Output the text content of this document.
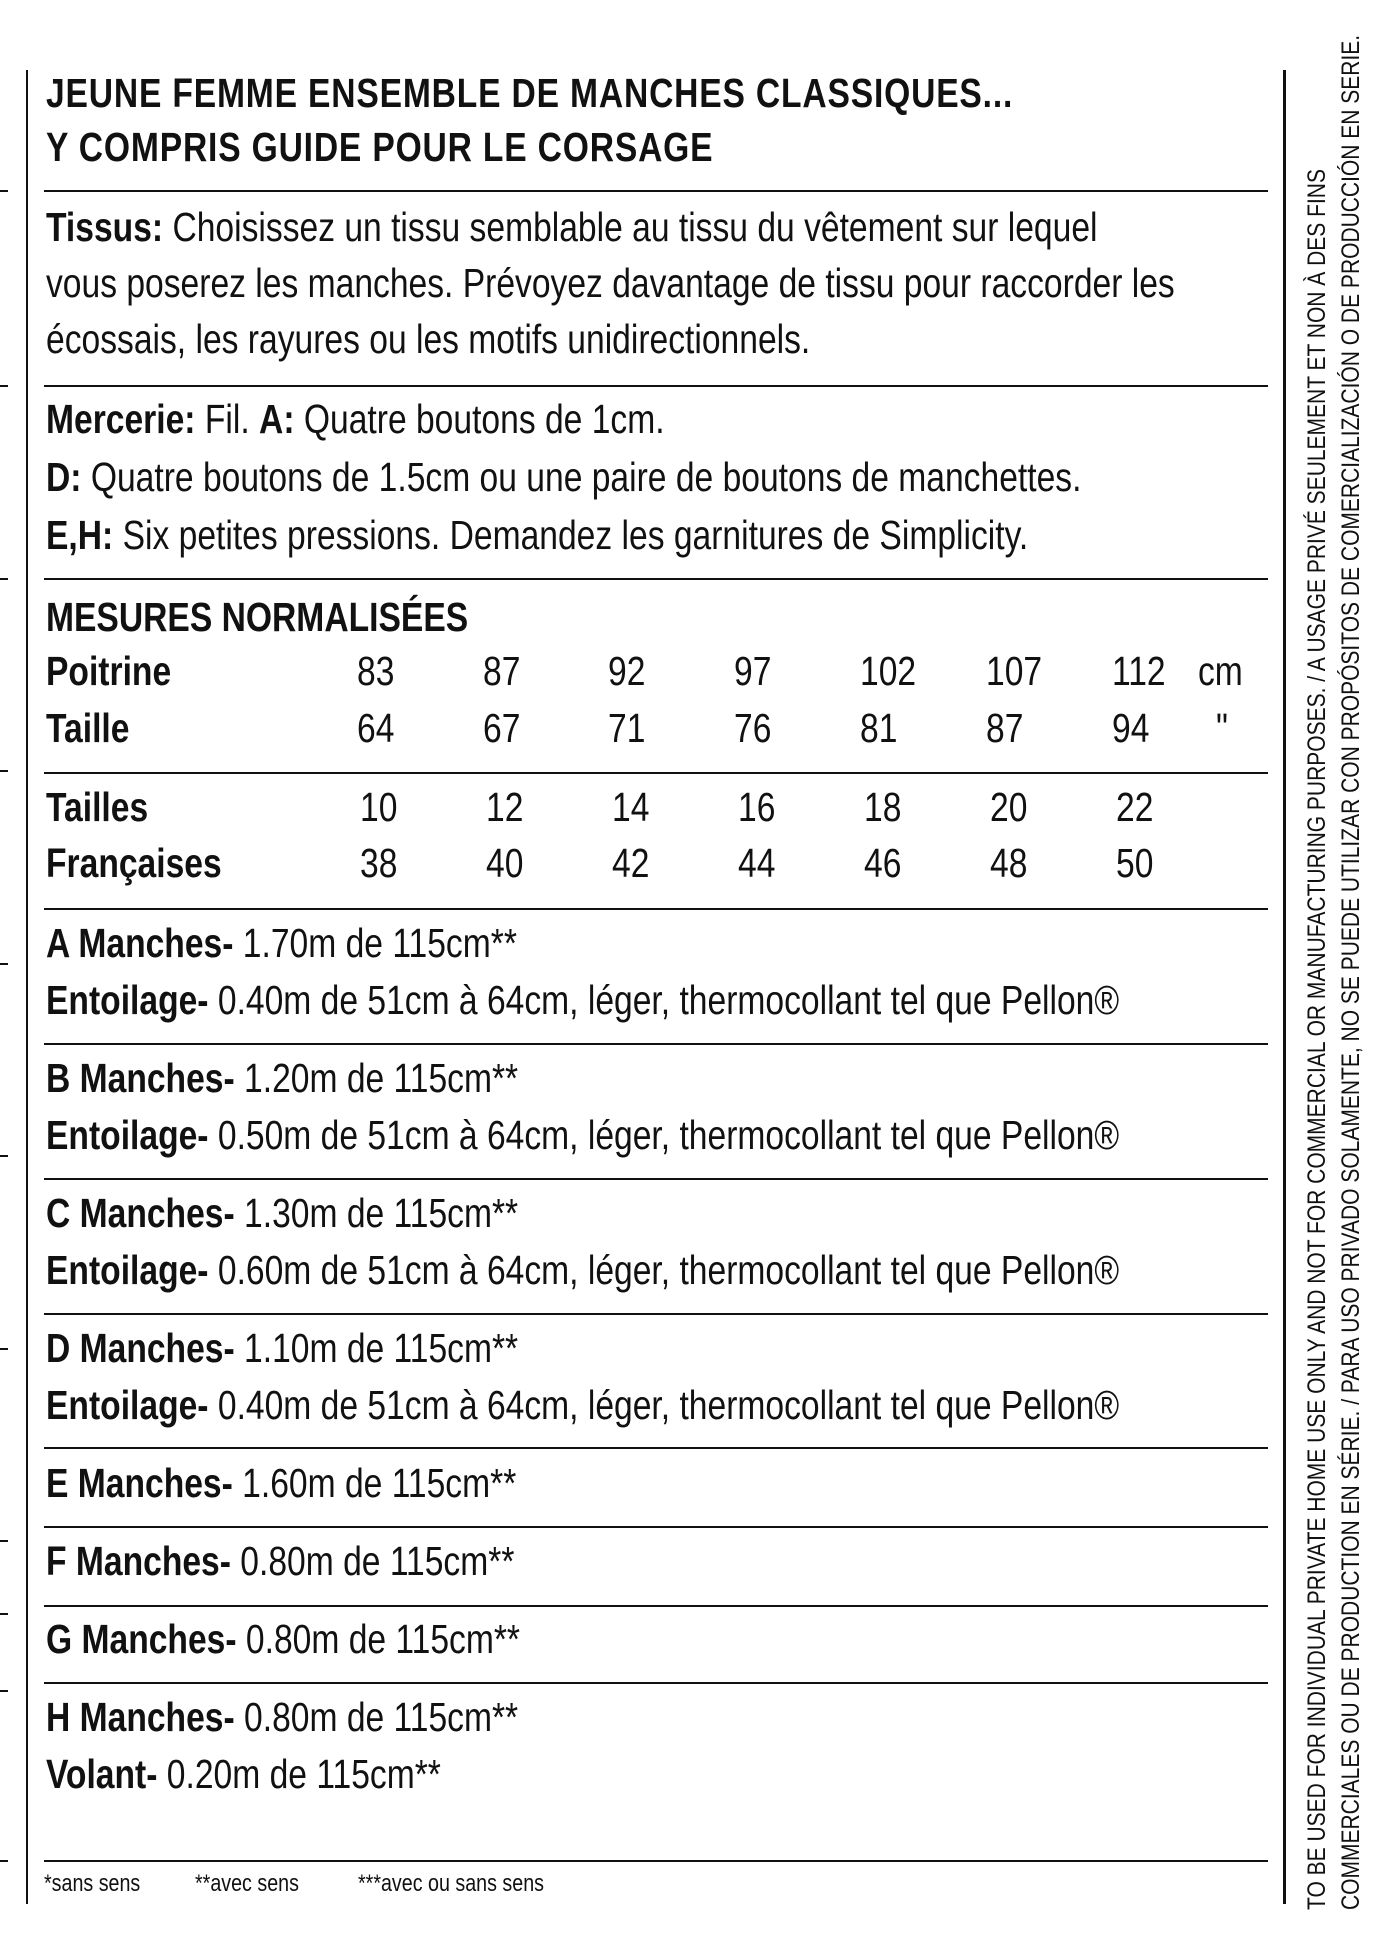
JEUNE FEMME ENSEMBLE DE MANCHES CLASSIQUES...
Y COMPRIS GUIDE POUR LE CORSAGE
Tissus: Choisissez un tissu semblable au tissu du vêtement sur lequel
vous poserez les manches. Prévoyez davantage de tissu pour raccorder les
écossais, les rayures ou les motifs unidirectionnels.
Mercerie: Fil. A: Quatre boutons de 1cm.
D: Quatre boutons de 1.5cm ou une paire de boutons de manchettes.
E,H: Six petites pressions. Demandez les garnitures de Simplicity.
MESURES NORMALISÉES
Poitrine	83	87	92	97	102 107 112 cm
Taille	64	67	71	76	81	87	94	"
Tailles	10	12	14	16	18	20	22
Françaises	38	40	42	44	46	48	50
A Manches- 1.70m de 115cm**
Entoilage- 0.40m de 51cm à 64cm, léger, thermocollant tel que Pellon®
B Manches- 1.20m de 115cm**
Entoilage- 0.50m de 51cm à 64cm, léger, thermocollant tel que Pellon®
C Manches- 1.30m de 115cm**
Entoilage- 0.60m de 51cm à 64cm, léger, thermocollant tel que Pellon®
D Manches- 1.10m de 115cm**
Entoilage- 0.40m de 51cm à 64cm, léger, thermocollant tel que Pellon®
E Manches- 1.60m de 115cm**
F Manches- 0.80m de 115cm**
G Manches- 0.80m de 115cm**
H Manches- 0.80m de 115cm**
Volant- 0.20m de 115cm**
*sans sens **avec sens ***avec ou sans sens	TO BE USED FOR INDIVIDUAL PRIVATE HOME USE ONLY AND NOT FOR COMMERCIAL OR MANUFACTURING PURPOSES. / A USAGE PRIVÉ SEULEMENT ET NON À DES FINS COMMERCIALES OU DE PRODUCTION EN SÉRIE. / PARA USO PRIVADO SOLAMENTE, NO SE PUEDE UTILIZAR CON PROPÓSITOS DE COMERCIALIZACIÓN O DE PRODUCCIÓN EN SERIE.
